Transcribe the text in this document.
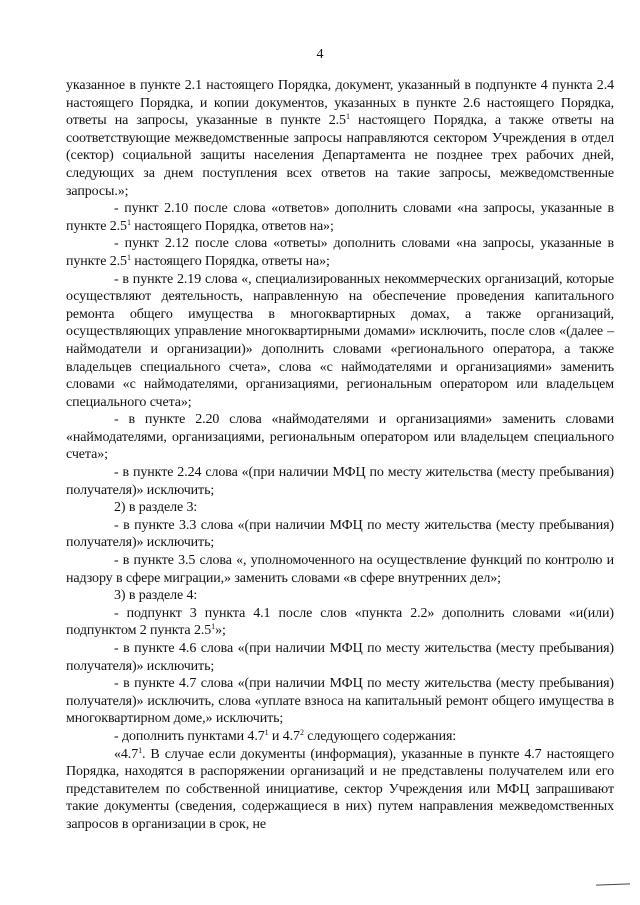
4

указанное в пункте 2.1 настоящего Порядка, документ, указанный в подпункте 4 пункта 2.4 настоящего Порядка, и копии документов, указанных в пункте 2.6 настоящего Порядка, ответы на запросы, указанные в пункте $2.5^1$ настоящего Порядка, а также ответы на соответствующие межведомственные запросы направляются сектором Учреждения в отдел (сектор) социальной защиты населения Департамента не позднее трех рабочих дней, следующих за днем поступления всех ответов на такие запросы, межведомственные запросы.»;

- пункт 2.10 после слова «ответов» дополнить словами «на запросы, указанные в пункте $2.5^1$ настоящего Порядка, ответов на»;

- пункт 2.12 после слова «ответы» дополнить словами «на запросы, указанные в пункте $2.5^1$ настоящего Порядка, ответы на»;

- в пункте 2.19 слова «, специализированных некоммерческих организаций, которые осуществляют деятельность, направленную на обеспечение проведения капитального ремонта общего имущества в многоквартирных домах, а также организаций, осуществляющих управление многоквартирными домами» исключить, после слов «(далее – наймодатели и организации)» дополнить словами «регионального оператора, а также владельцев специального счета», слова «с наймодателями и организациями» заменить словами «с наймодателями, организациями, региональным оператором или владельцем специального счета»;

- в пункте 2.20 слова «наймодателями и организациями» заменить словами «наймодателями, организациями, региональным оператором или владельцем специального счета»;

- в пункте 2.24 слова «(при наличии МФЦ по месту жительства (месту пребывания) получателя)» исключить;

2) в разделе 3:

- в пункте 3.3 слова «(при наличии МФЦ по месту жительства (месту пребывания) получателя)» исключить;

- в пункте 3.5 слова «, уполномоченного на осуществление функций по контролю и надзору в сфере миграции,» заменить словами «в сфере внутренних дел»;

3) в разделе 4:

- подпункт 3 пункта 4.1 после слов «пункта 2.2» дополнить словами «и(или) подпунктом 2 пункта $2.5^1$»;

- в пункте 4.6 слова «(при наличии МФЦ по месту жительства (месту пребывания) получателя)» исключить;

- в пункте 4.7 слова «(при наличии МФЦ по месту жительства (месту пребывания) получателя)» исключить, слова «уплате взноса на капитальный ремонт общего имущества в многоквартирном доме,» исключить;

- дополнить пунктами $4.7^1$ и $4.7^2$ следующего содержания:

«$4.7^1$. В случае если документы (информация), указанные в пункте 4.7 настоящего Порядка, находятся в распоряжении организаций и не представлены получателем или его представителем по собственной инициативе, сектор Учреждения или МФЦ запрашивают такие документы (сведения, содержащиеся в них) путем направления межведомственных запросов в организации в срок, не
